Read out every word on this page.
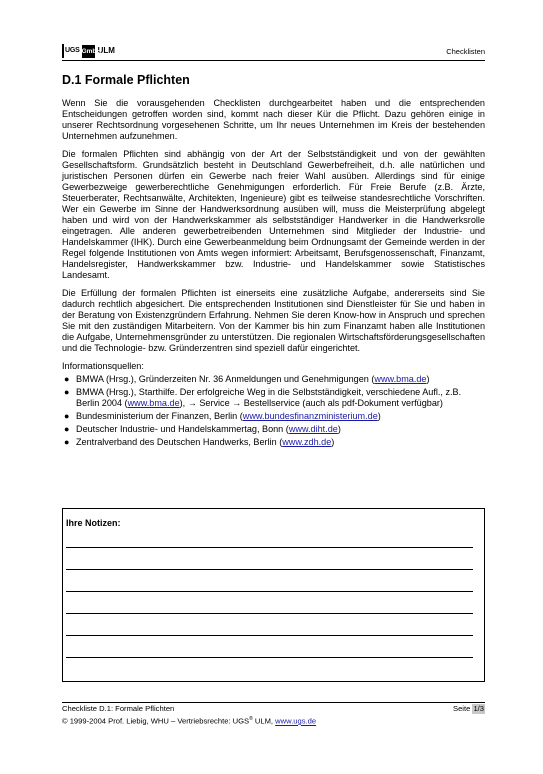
UGS GmbH
ULM	Checklisten
D.1 Formale Pflichten

Wenn Sie die vorausgehenden Checklisten durchgearbeitet haben und die entsprechenden Entscheidungen getroffen worden sind, kommt nach dieser Kür die Pflicht. Dazu gehören einige in unserer Rechtsordnung vorgesehenen Schritte, um Ihr neues Unternehmen im Kreis der bestehenden Unternehmen aufzunehmen.

Die formalen Pflichten sind abhängig von der Art der Selbstständigkeit und von der gewählten Gesellschaftsform. Grundsätzlich besteht in Deutschland Gewerbefreiheit, d.h. alle natürlichen und juristischen Personen dürfen ein Gewerbe nach freier Wahl ausüben. Allerdings sind für einige Gewerbezweige gewerberechtliche Genehmigungen erforderlich. Für Freie Berufe (z.B. Ärzte, Steuerberater, Rechtsanwälte, Architekten, Ingenieure) gibt es teilweise standesrechtliche Vorschriften. Wer ein Gewerbe im Sinne der Handwerksordnung ausüben will, muss die Meisterprüfung abgelegt haben und wird von der Handwerkskammer als selbstständiger Handwerker in die Handwerksrolle eingetragen. Alle anderen gewerbetreibenden Unternehmen sind Mitglieder der Industrie- und Handelskammer (IHK). Durch eine Gewerbeanmeldung beim Ordnungsamt der Gemeinde werden in der Regel folgende Institutionen von Amts wegen informiert: Arbeitsamt, Berufsgenossenschaft, Finanzamt, Handelsregister, Handwerkskammer bzw. Industrie- und Handelskammer sowie Statistisches Landesamt.

Die Erfüllung der formalen Pflichten ist einerseits eine zusätzliche Aufgabe, andererseits sind Sie dadurch rechtlich abgesichert. Die entsprechenden Institutionen sind Dienstleister für Sie und haben in der Beratung von Existenzgründern Erfahrung. Nehmen Sie deren Know-how in Anspruch und sprechen Sie mit den zuständigen Mitarbeitern. Von der Kammer bis hin zum Finanzamt haben alle Institutionen die Aufgabe, Unternehmensgründer zu unterstützen. Die regionalen Wirtschaftsförderungsgesellschaften und die Technologie- bzw. Gründerzentren sind speziell dafür eingerichtet.

Informationsquellen:
● BMWA (Hrsg.), Gründerzeiten Nr. 36 Anmeldungen und Genehmigungen (www.bma.de)
● BMWA (Hrsg.), Starthilfe. Der erfolgreiche Weg in die Selbstständigkeit, verschiedene Aufl., z.B. Berlin 2004 (www.bma.de), → Service → Bestellservice (auch als pdf-Dokument verfügbar)
● Bundesministerium der Finanzen, Berlin (www.bundesfinanzministerium.de)
● Deutscher Industrie- und Handelskammertag, Bonn (www.diht.de)
● Zentralverband des Deutschen Handwerks, Berlin (www.zdh.de)
Ihre Notizen:
Checkliste D.1: Formale Pflichten	Seite 1/3
© 1999-2004 Prof. Liebig, WHU – Vertriebsrechte: UGS® ULM, www.ugs.de
